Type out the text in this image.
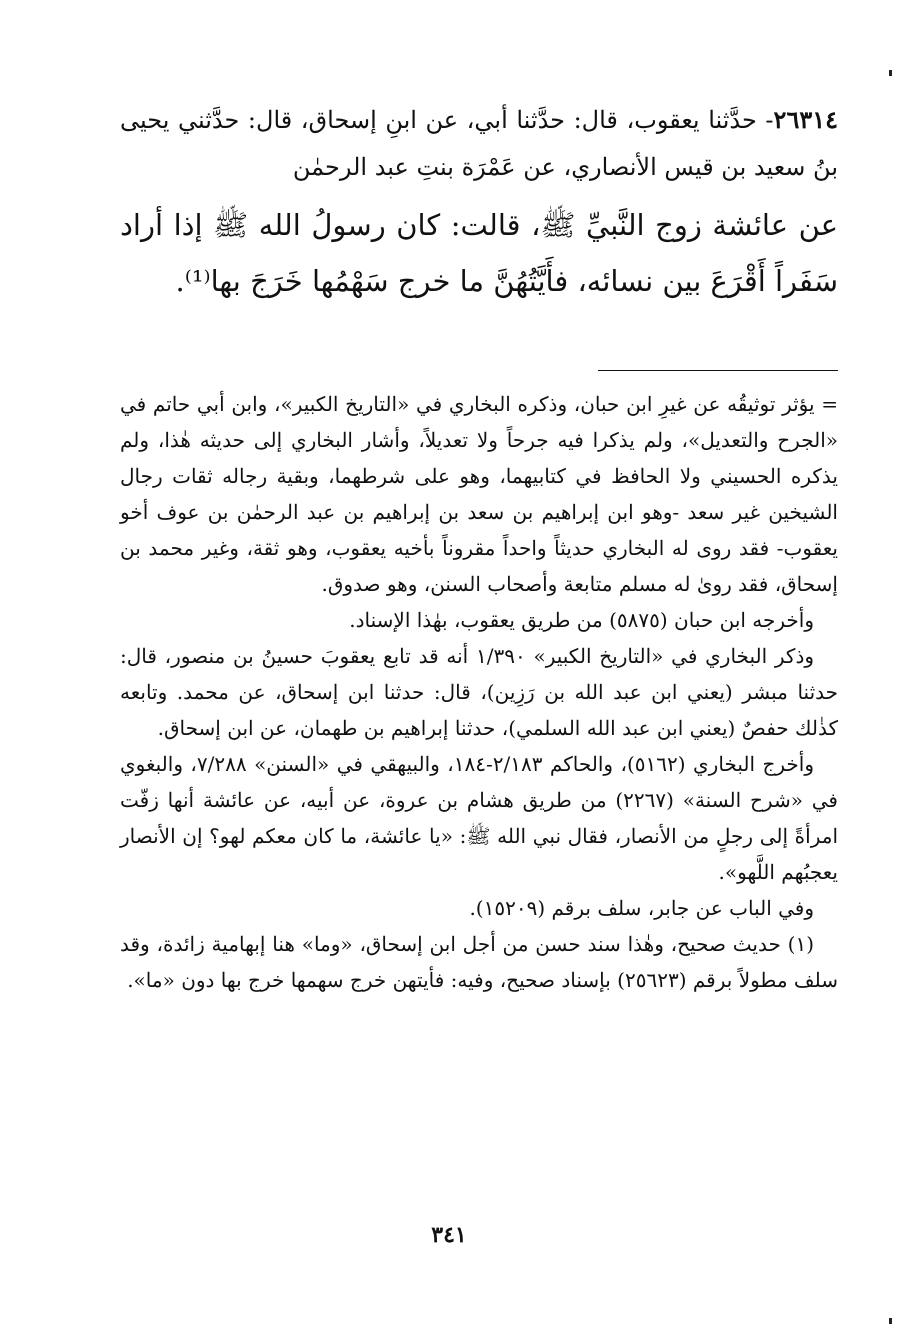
٢٦٣١٤- حدَّثنا يعقوب، قال: حدَّثنا أبي، عن ابنِ إسحاق، قال: حدَّثني يحيى بنُ سعيد بن قيس الأنصاري، عن عَمْرَة بنتِ عبد الرحمٰن

عن عائشة زوج النَّبيِّ ﷺ، قالت: كان رسولُ الله ﷺ إذا أراد سَفَراً أَقْرَعَ بين نسائه، فأَيَّتُهُنَّ ما خرج سَهْمُها خَرَجَ بها⁽¹⁾.

= يؤثر توثيقُه عن غيرِ ابن حبان، وذكره البخاري في «التاريخ الكبير»، وابن أبي حاتم في «الجرح والتعديل»، ولم يذكرا فيه جرحاً ولا تعديلاً، وأشار البخاري إلى حديثه هٰذا، ولم يذكره الحسيني ولا الحافظ في كتابيهما، وهو على شرطهما، وبقية رجاله ثقات رجال الشيخين غير سعد -وهو ابن إبراهيم بن سعد بن إبراهيم بن عبد الرحمٰن بن عوف أخو يعقوب- فقد روى له البخاري حديثاً واحداً مقروناً بأخيه يعقوب، وهو ثقة، وغير محمد بن إسحاق، فقد روىٰ له مسلم متابعة وأصحاب السنن، وهو صدوق.

وأخرجه ابن حبان (٥٨٧٥) من طريق يعقوب، بهٰذا الإسناد.

وذكر البخاري في «التاريخ الكبير» ١/٣٩٠ أنه قد تابع يعقوبَ حسينُ بن منصور، قال: حدثنا مبشر (يعني ابن عبد الله بن رَزِين)، قال: حدثنا ابن إسحاق، عن محمد. وتابعه كذٰلك حفصٌ (يعني ابن عبد الله السلمي)، حدثنا إبراهيم بن طهمان، عن ابن إسحاق.

وأخرج البخاري (٥١٦٢)، والحاكم ٢/١٨٣-١٨٤، والبيهقي في «السنن» ٧/٢٨٨، والبغوي في «شرح السنة» (٢٢٦٧) من طريق هشام بن عروة، عن أبيه، عن عائشة أنها زفّت امرأةً إلى رجلٍ من الأنصار، فقال نبي الله ﷺ: «يا عائشة، ما كان معكم لهو؟ إن الأنصار يعجبُهم اللَّهو».

وفي الباب عن جابر، سلف برقم (١٥٢٠٩).

(١) حديث صحيح، وهٰذا سند حسن من أجل ابن إسحاق، «وما» هنا إبهامية زائدة، وقد سلف مطولاً برقم (٢٥٦٢٣) بإسناد صحيح، وفيه: فأيتهن خرج سهمها خرج بها دون «ما».

٣٤١
